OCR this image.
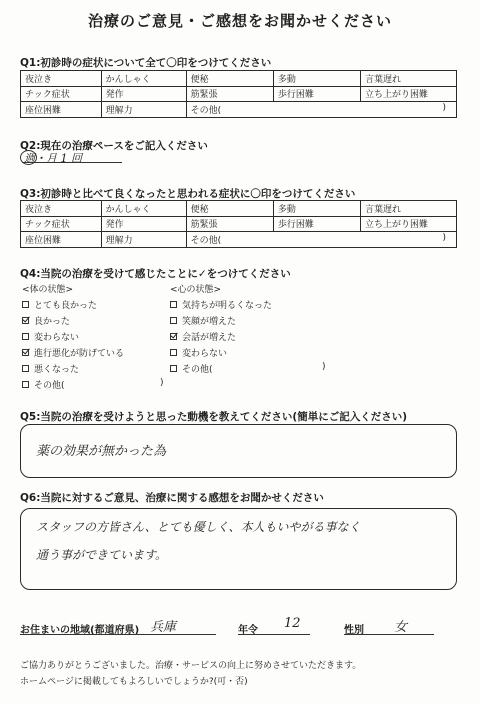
治療のご意見・ご感想をお聞かせください
Q1:初診時の症状について全て〇印をつけてください
夜泣き	かんしゃく	便秘	多動	言葉遅れ
チック症状	発作	筋緊張	歩行困難	立ち上がり困難
座位困難	理解力	その他( )		
Q2:現在の治療ペースをご記入ください
週・月 1 回
Q3:初診時と比べて良くなったと思われる症状に〇印をつけてください
夜泣き	かんしゃく	便秘	多動	言葉遅れ
チック症状	発作	筋緊張	歩行困難	立ち上がり困難
座位困難	理解力	その他( )		
Q4:当院の治療を受けて感じたことに✓をつけてください
<体の状態>	<心の状態>
とても良かった
良かった
変わらない
進行悪化が防げている
悪くなった
その他(
気持ちが明るくなった
笑顔が増えた
会話が増えた
変わらない
その他(
)
)
Q5:当院の治療を受けようと思った動機を教えてください(簡単にご記入ください)
薬の効果が無かった為
Q6:当院に対するご意見、治療に関する感想をお聞かせください
スタッフの方皆さん、とても優しく、本人もいやがる事なく
通う事ができています。
お住まいの地域(都道府県) 兵庫	年令 12	性別 女
ご協力ありがとうございました。治療・サービスの向上に努めさせていただきます。
ホームページに掲載してもよろしいでしょうか?(可・否)
